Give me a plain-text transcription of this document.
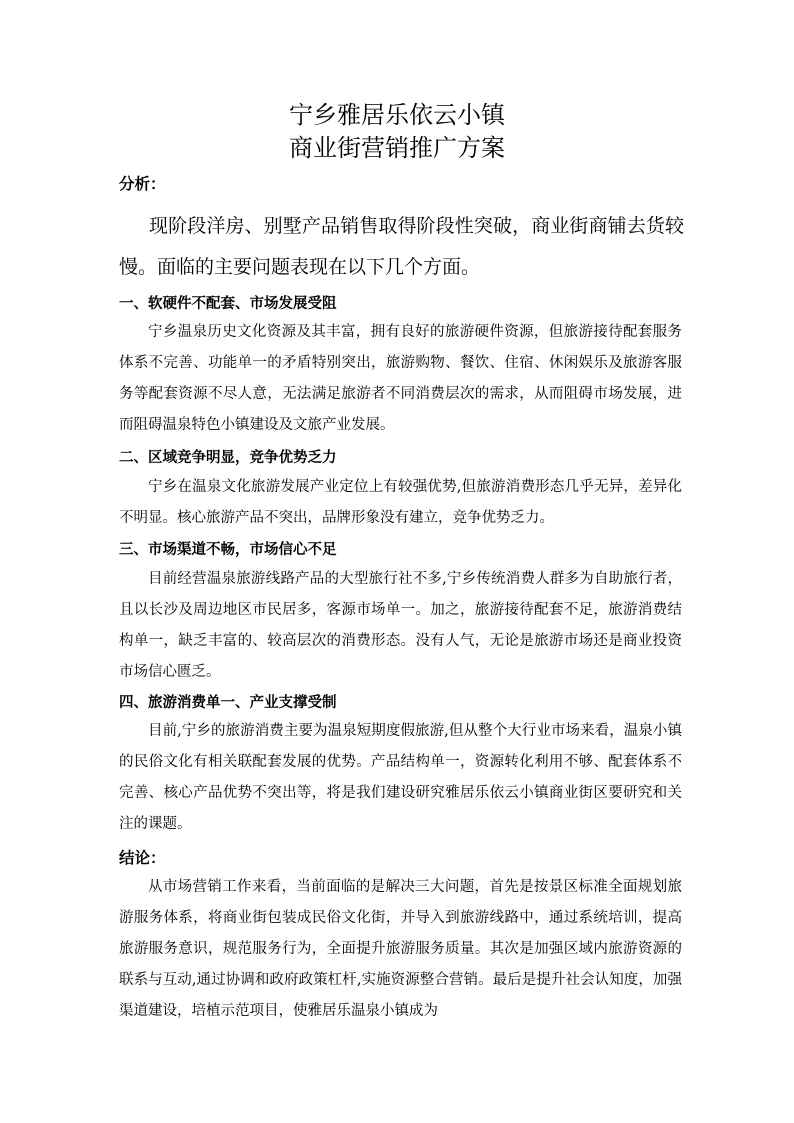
宁乡雅居乐依云小镇
商业街营销推广方案
分析：

现阶段洋房、别墅产品销售取得阶段性突破，商业街商铺去货较慢。面临的主要问题表现在以下几个方面。

一、软硬件不配套、市场发展受阻

宁乡温泉历史文化资源及其丰富，拥有良好的旅游硬件资源，但旅游接待配套服务体系不完善、功能单一的矛盾特别突出，旅游购物、餐饮、住宿、休闲娱乐及旅游客服务等配套资源不尽人意，无法满足旅游者不同消费层次的需求，从而阻碍市场发展，进而阻碍温泉特色小镇建设及文旅产业发展。

二、区域竞争明显，竞争优势乏力

宁乡在温泉文化旅游发展产业定位上有较强优势,但旅游消费形态几乎无异，差异化不明显。核心旅游产品不突出，品牌形象没有建立，竞争优势乏力。

三、市场渠道不畅，市场信心不足

目前经营温泉旅游线路产品的大型旅行社不多,宁乡传统消费人群多为自助旅行者，且以长沙及周边地区市民居多，客源市场单一。加之，旅游接待配套不足，旅游消费结构单一，缺乏丰富的、较高层次的消费形态。没有人气，无论是旅游市场还是商业投资市场信心匮乏。

四、旅游消费单一、产业支撑受制

目前,宁乡的旅游消费主要为温泉短期度假旅游,但从整个大行业市场来看，温泉小镇的民俗文化有相关联配套发展的优势。产品结构单一，资源转化利用不够、配套体系不完善、核心产品优势不突出等，将是我们建设研究雅居乐依云小镇商业街区要研究和关注的课题。

结论：

从市场营销工作来看，当前面临的是解决三大问题，首先是按景区标准全面规划旅游服务体系，将商业街包装成民俗文化街，并导入到旅游线路中，通过系统培训，提高旅游服务意识，规范服务行为，全面提升旅游服务质量。其次是加强区域内旅游资源的联系与互动,通过协调和政府政策杠杆,实施资源整合营销。最后是提升社会认知度，加强渠道建设，培植示范项目，使雅居乐温泉小镇成为
